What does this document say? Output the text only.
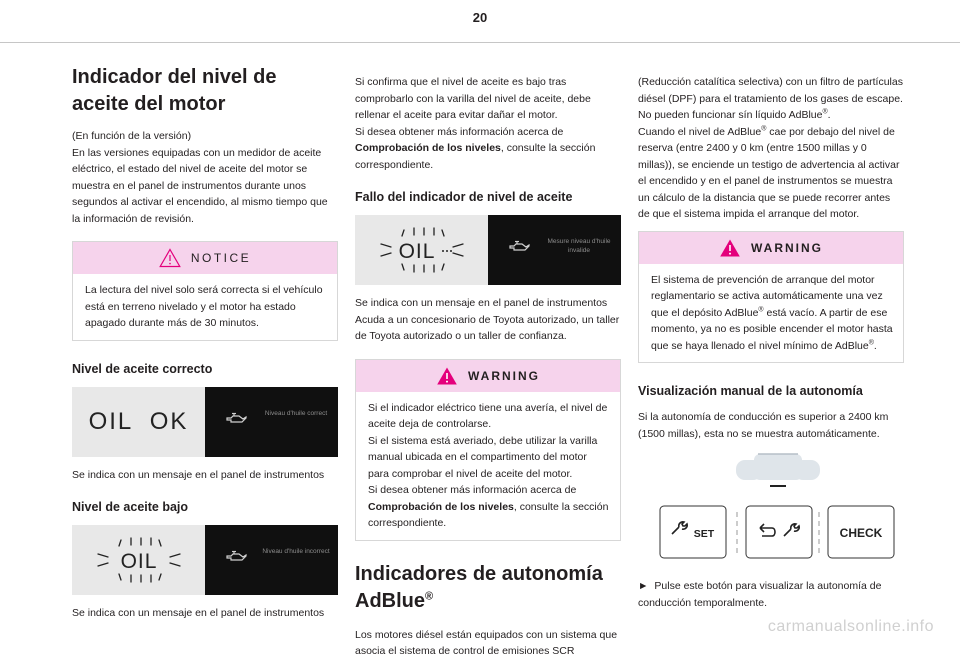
20
Indicador del nivel de aceite del motor

(En función de la versión)

En las versiones equipadas con un medidor de aceite eléctrico, el estado del nivel de aceite del motor se muestra en el panel de instrumentos durante unos segundos al activar el encendido, al mismo tiempo que la información de revisión.

NOTICE
La lectura del nivel solo será correcta si el vehículo está en terreno nivelado y el motor ha estado apagado durante más de 30 minutos.
Nivel de aceite correcto
OIL  OK	Niveau d'huile correct

Se indica con un mensaje en el panel de instrumentos

Nivel de aceite bajo
OIL	Niveau d'huile incorrect

Se indica con un mensaje en el panel de instrumentos

Si confirma que el nivel de aceite es bajo tras comprobarlo con la varilla del nivel de aceite, debe rellenar el aceite para evitar dañar el motor.

Si desea obtener más información acerca de Comprobación de los niveles, consulte la sección correspondiente.

Fallo del indicador de nivel de aceite
OIL	Mesure niveau d'huile invalide

Se indica con un mensaje en el panel de instrumentos Acuda a un concesionario de Toyota autorizado, un taller de Toyota autorizado o un taller de confianza.

WARNING

Si el indicador eléctrico tiene una avería, el nivel de aceite deja de controlarse.

Si el sistema está averiado, debe utilizar la varilla manual ubicada en el compartimento del motor para comprobar el nivel de aceite del motor.

Si desea obtener más información acerca de Comprobación de los niveles, consulte la sección correspondiente.

Indicadores de autonomía AdBlue®

Los motores diésel están equipados con un sistema que asocia el sistema de control de emisiones SCR

(Reducción catalítica selectiva) con un filtro de partículas diésel (DPF) para el tratamiento de los gases de escape. No pueden funcionar sín líquido AdBlue®.

Cuando el nivel de AdBlue® cae por debajo del nivel de reserva (entre 2400 y 0 km (entre 1500 millas y 0 millas)), se enciende un testigo de advertencia al activar el encendido y en el panel de instrumentos se muestra un cálculo de la distancia que se puede recorrer antes de que el sistema impida el arranque del motor.

WARNING
El sistema de prevención de arranque del motor reglamentario se activa automáticamente una vez que el depósito AdBlue® está vacío. A partir de ese momento, ya no es posible encender el motor hasta que se haya llenado el nivel mínimo de AdBlue®.
Visualización manual de la autonomía

Si la autonomía de conducción es superior a 2400 km (1500 millas), esta no se muestra automáticamente.

SET	CHECK

► Pulse este botón para visualizar la autonomía de conducción temporalmente.

carmanualsonline.info
